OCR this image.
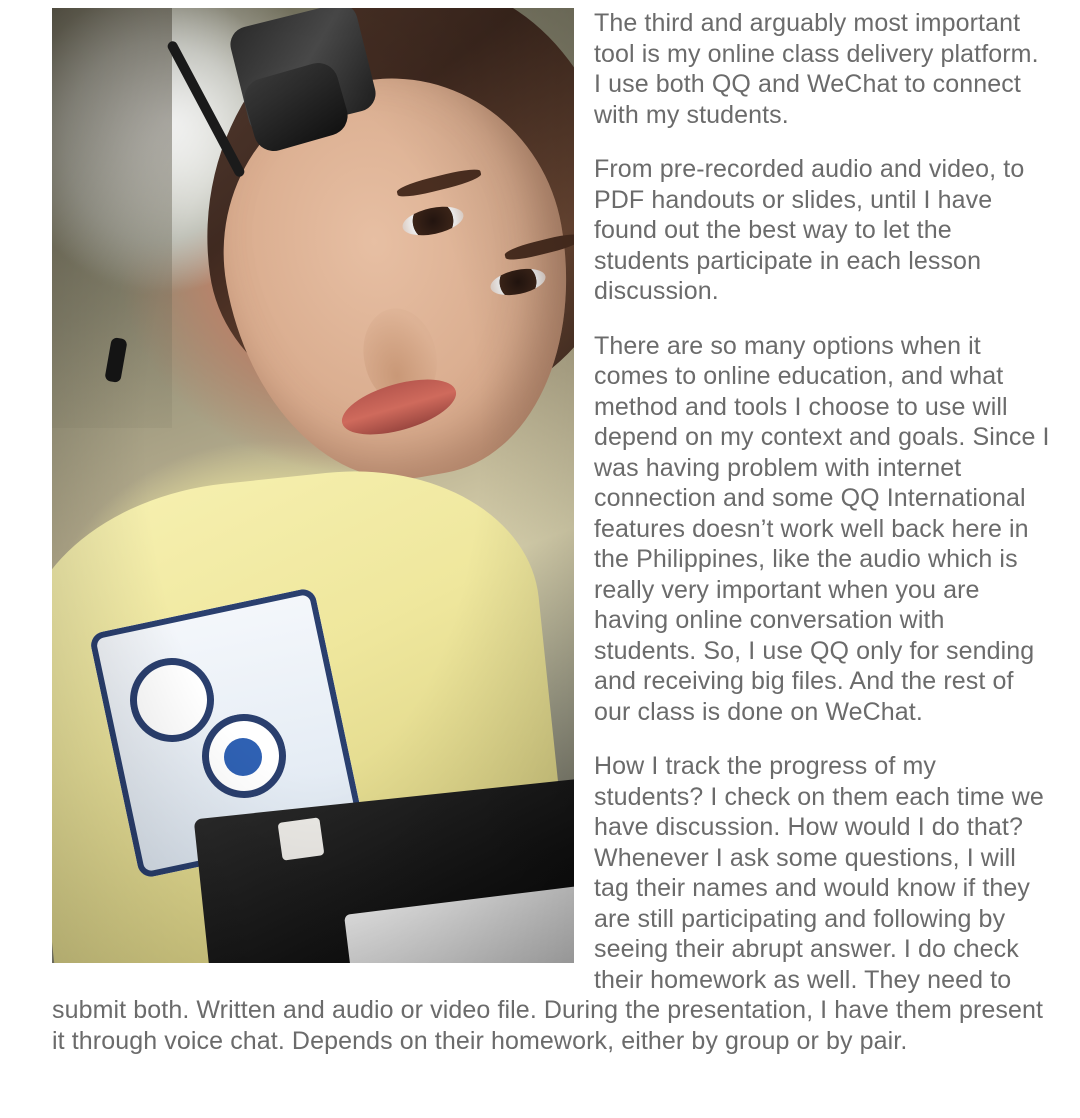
The third and arguably most important tool is my online class delivery platform. I use both QQ and WeChat to connect with my students.

From pre-recorded audio and video, to PDF handouts or slides, until I have found out the best way to let the students participate in each lesson discussion.

There are so many options when it comes to online education, and what method and tools I choose to use will depend on my context and goals. Since I was having problem with internet connection and some QQ International features doesn’t work well back here in the Philippines, like the audio which is really very important when you are having online conversation with students. So, I use QQ only for sending and receiving big files. And the rest of our class is done on WeChat.

How I track the progress of my students? I check on them each time we have discussion. How would I do that? Whenever I ask some questions, I will tag their names and would know if they are still participating and following by seeing their abrupt answer. I do check their homework as well. They need to submit both. Written and audio or video file. During the presentation, I have them present it through voice chat. Depends on their homework, either by group or by pair.
